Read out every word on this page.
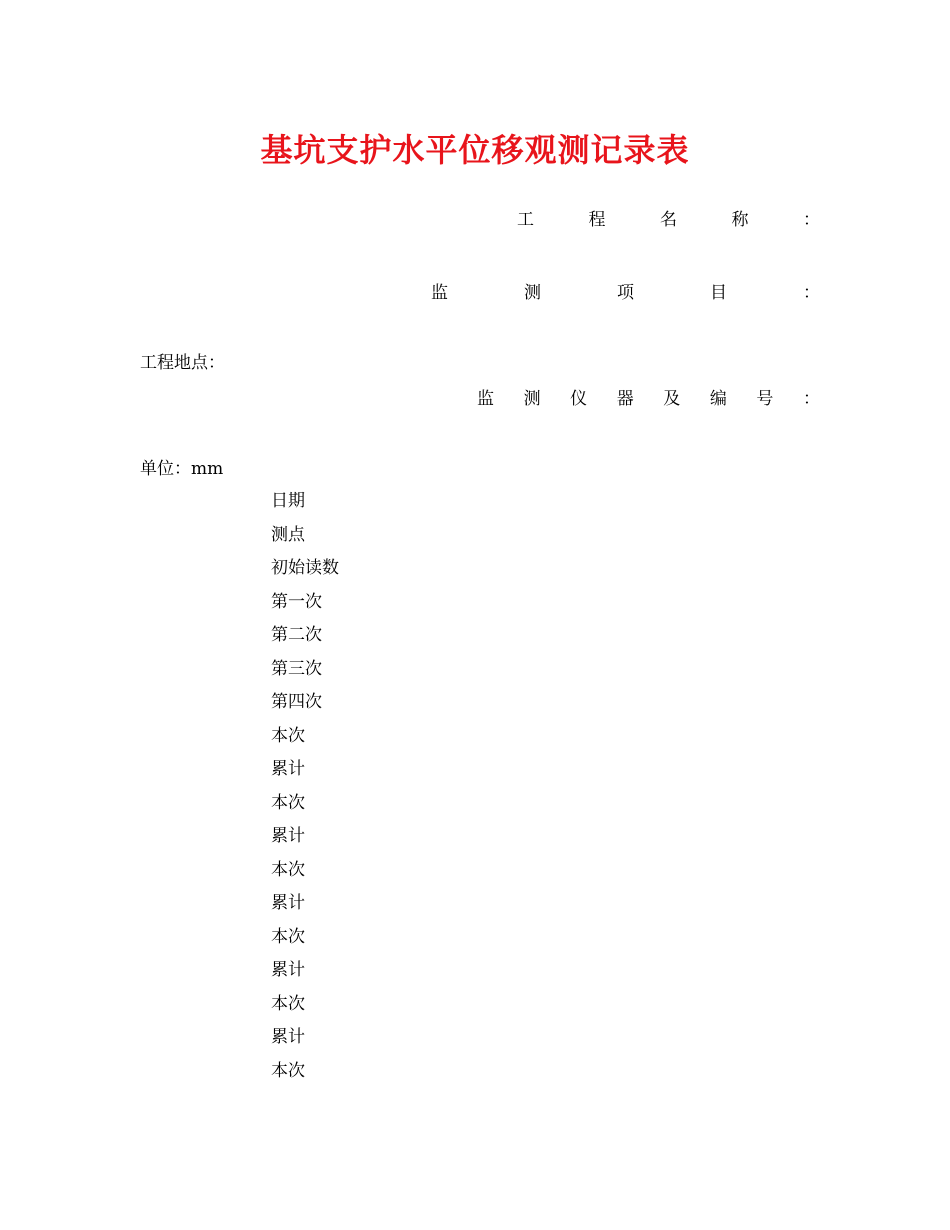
基坑支护水平位移观测记录表
工	程	名	称	：
监	测	项	目	：
工程地点：
监 测 仪 器 及 编 号 ：
单位：mm
日期
测点
初始读数
第一次
第二次
第三次
第四次
本次
累计
本次
累计
本次
累计
本次
累计
本次
累计
本次
